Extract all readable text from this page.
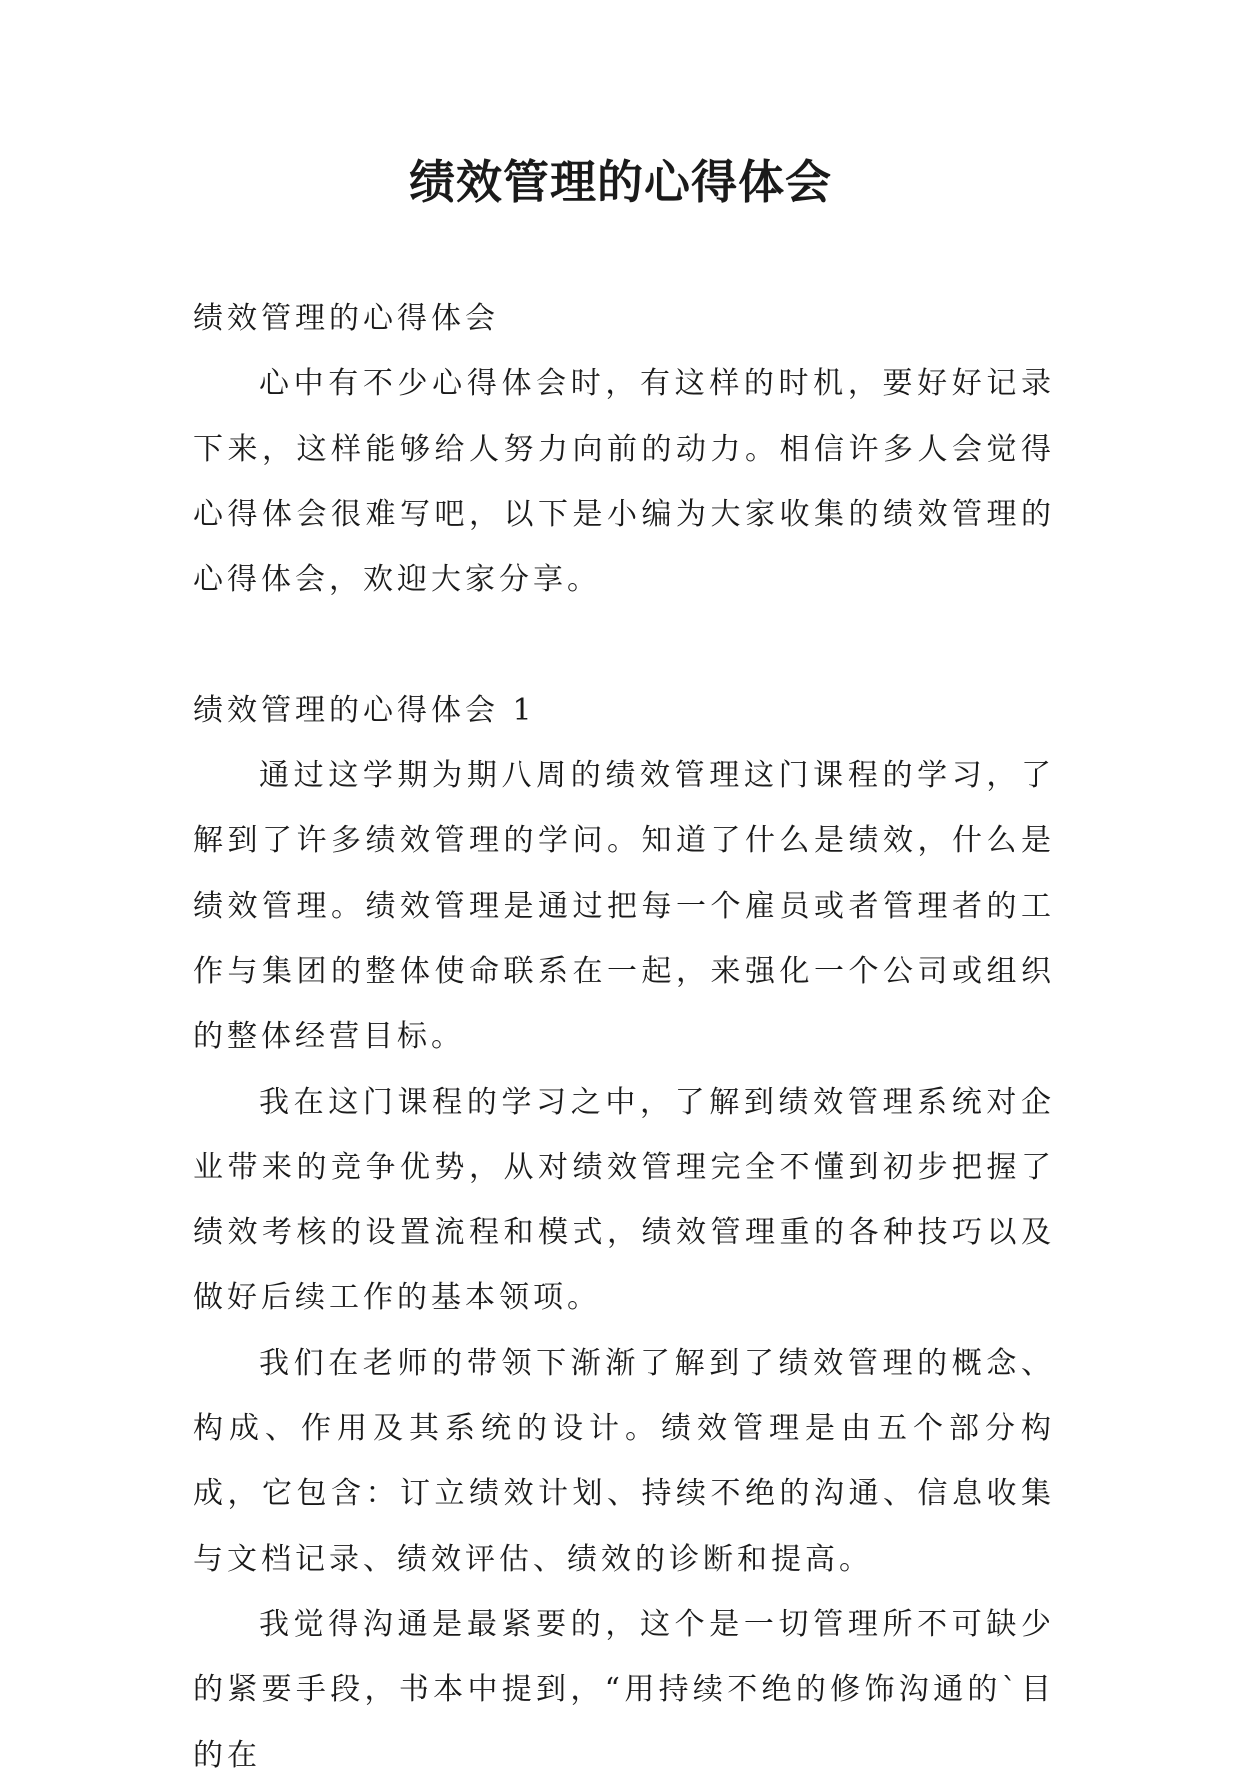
绩效管理的心得体会

绩效管理的心得体会

心中有不少心得体会时，有这样的时机，要好好记录下来，这样能够给人努力向前的动力。相信许多人会觉得心得体会很难写吧，以下是小编为大家收集的绩效管理的心得体会，欢迎大家分享。

绩效管理的心得体会 1

通过这学期为期八周的绩效管理这门课程的学习，了解到了许多绩效管理的学问。知道了什么是绩效，什么是绩效管理。绩效管理是通过把每一个雇员或者管理者的工作与集团的整体使命联系在一起，来强化一个公司或组织的整体经营目标。

我在这门课程的学习之中，了解到绩效管理系统对企业带来的竞争优势，从对绩效管理完全不懂到初步把握了绩效考核的设置流程和模式，绩效管理重的各种技巧以及做好后续工作的基本领项。

我们在老师的带领下渐渐了解到了绩效管理的概念、构成、作用及其系统的设计。绩效管理是由五个部分构成，它包含：订立绩效计划、持续不绝的沟通、信息收集与文档记录、绩效评估、绩效的诊断和提高。

我觉得沟通是最紧要的，这个是一切管理所不可缺少的紧要手段，书本中提到，“用持续不绝的修饰沟通的`目的在
